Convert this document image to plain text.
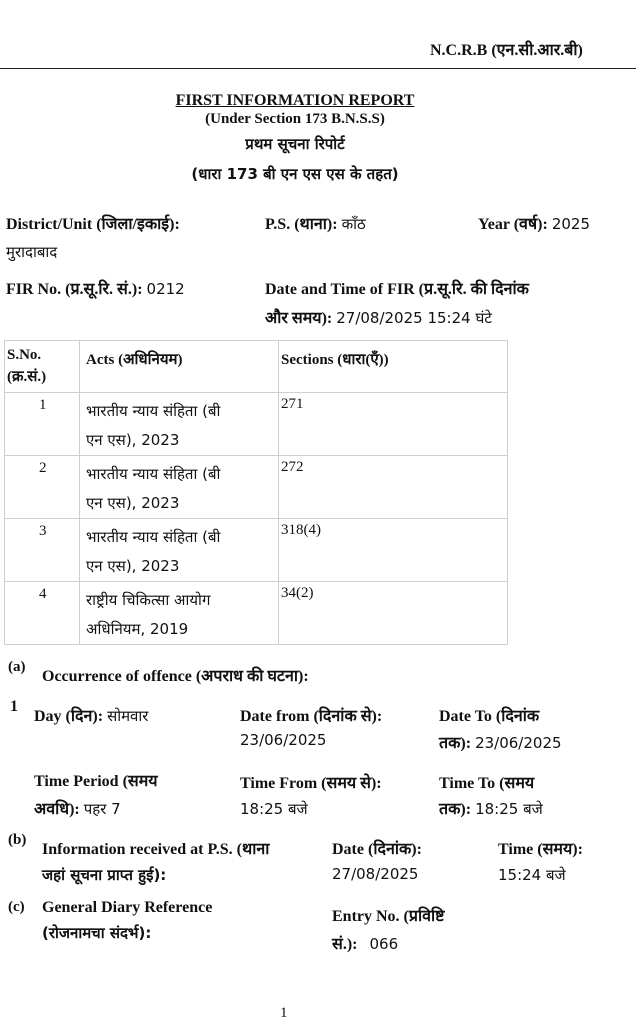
N.C.R.B (एन.सी.आर.बी)
FIRST INFORMATION REPORT
(Under Section 173 B.N.S.S)
प्रथम सूचना रिपोर्ट
(धारा 173 बी एन एस एस के तहत)
District/Unit (जिला/इकाई):
मुरादाबाद
P.S. (थाना): काँठ	Year (वर्ष): 2025
FIR No. (प्र.सू.रि. सं.): 0212	Date and Time of FIR (प्र.सू.रि. की दिनांक
और समय): 27/08/2025 15:24 घंटे
S.No.
(क्र.सं.)	Acts (अधिनियम)	Sections (धारा(एँ))

1	भारतीय न्याय संहिता (बी
एन एस), 2023	271

2	भारतीय न्याय संहिता (बी
एन एस), 2023	272

3	भारतीय न्याय संहिता (बी
एन एस), 2023	318(4)

4	राष्ट्रीय चिकित्सा आयोग
अधिनियम, 2019	34(2)
(a)
Occurrence of offence (अपराध की घटना):
1
Day (दिन): सोमवार	Date from (दिनांक से):
23/06/2025
Date To (दिनांक
तक): 23/06/2025
Time Period (समय
अवधि): पहर 7
Time From (समय से):
18:25 बजे
Time To (समय
तक): 18:25 बजे
(b)
Information received at P.S. (थाना
जहां सूचना प्राप्त हुई):
Date (दिनांक):
27/08/2025
Time (समय):
15:24 बजे
(c) General Diary Reference
(रोजनामचा संदर्भ):
Entry No. (प्रविष्टि
सं.): 066
1
